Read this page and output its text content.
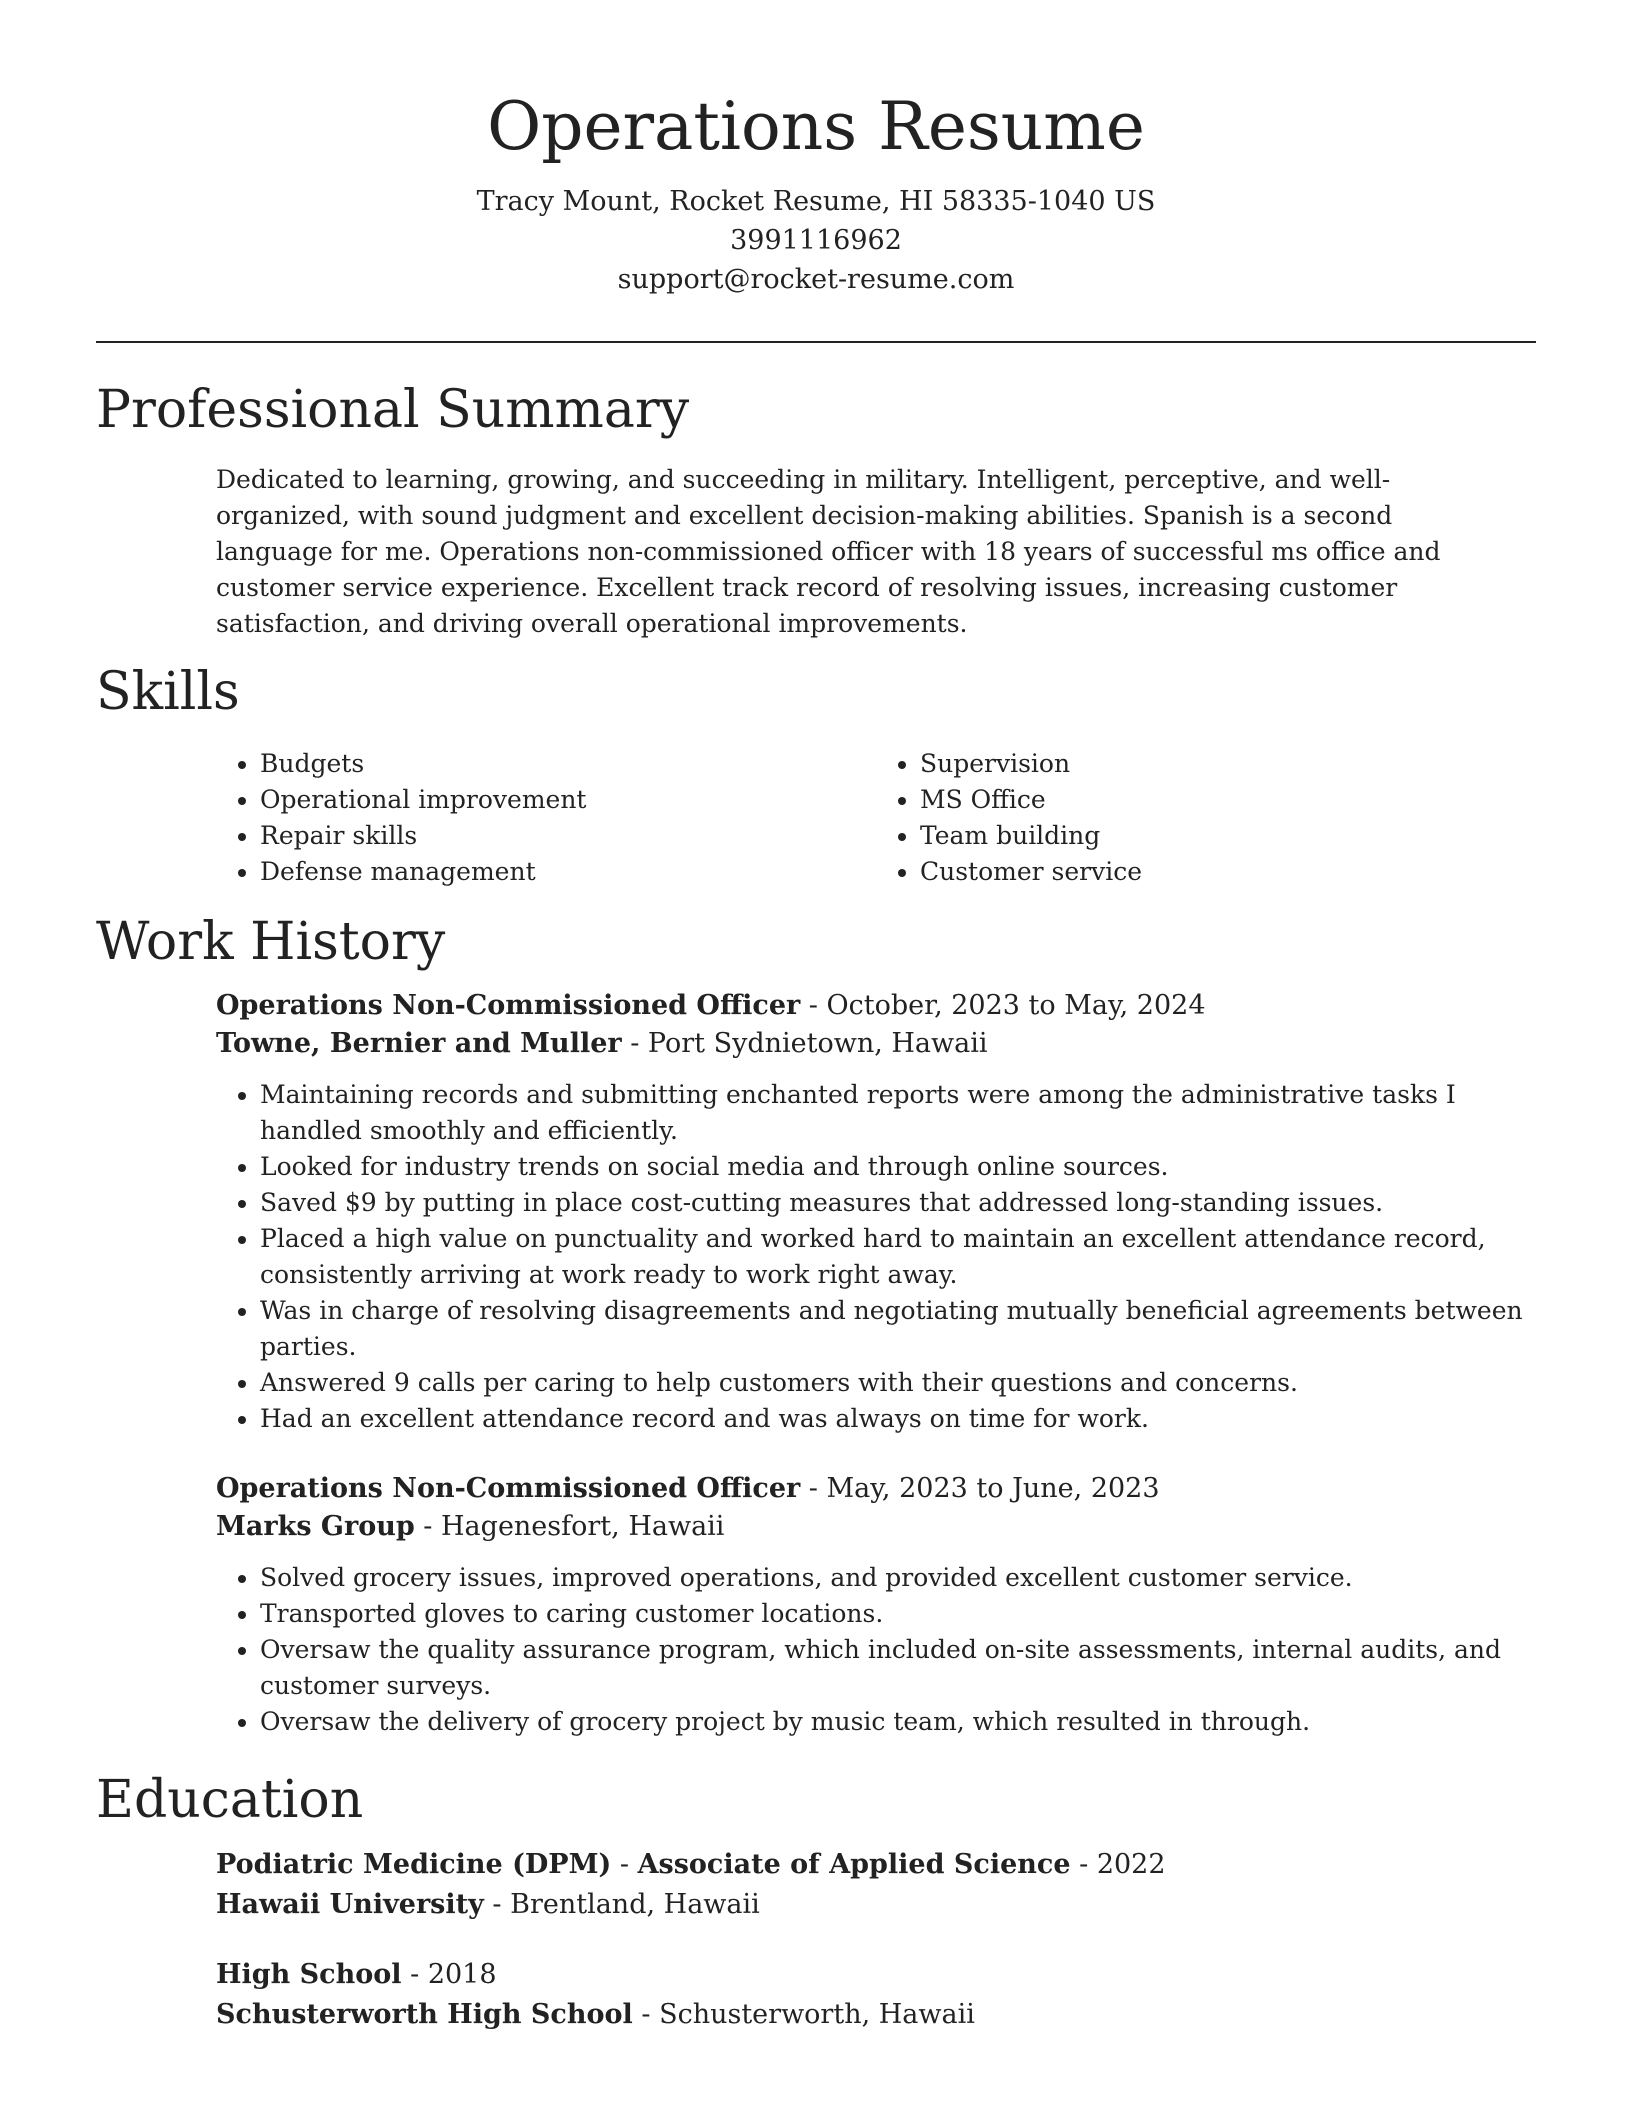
Operations Resume
Tracy Mount, Rocket Resume, HI 58335-1040 US
3991116962
support@rocket-resume.com
Professional Summary

Dedicated to learning, growing, and succeeding in military. Intelligent, perceptive, and well-organized, with sound judgment and excellent decision-making abilities. Spanish is a second language for me. Operations non-commissioned officer with 18 years of successful ms office and customer service experience. Excellent track record of resolving issues, increasing customer satisfaction, and driving overall operational improvements.

Skills
• Budgets
• Operational improvement
• Repair skills
• Defense management
• Supervision
• MS Office
• Team building
• Customer service
Work History
Operations Non-Commissioned Officer - October, 2023 to May, 2024
Towne, Bernier and Muller - Port Sydnietown, Hawaii
• Maintaining records and submitting enchanted reports were among the administrative tasks I handled smoothly and efficiently.
• Looked for industry trends on social media and through online sources.
• Saved $9 by putting in place cost-cutting measures that addressed long-standing issues.
• Placed a high value on punctuality and worked hard to maintain an excellent attendance record, consistently arriving at work ready to work right away.
• Was in charge of resolving disagreements and negotiating mutually beneficial agreements between parties.
• Answered 9 calls per caring to help customers with their questions and concerns.
• Had an excellent attendance record and was always on time for work.
Operations Non-Commissioned Officer - May, 2023 to June, 2023
Marks Group - Hagenesfort, Hawaii
• Solved grocery issues, improved operations, and provided excellent customer service.
• Transported gloves to caring customer locations.
• Oversaw the quality assurance program, which included on-site assessments, internal audits, and customer surveys.
• Oversaw the delivery of grocery project by music team, which resulted in through.
Education
Podiatric Medicine (DPM) - Associate of Applied Science - 2022
Hawaii University - Brentland, Hawaii
High School - 2018
Schusterworth High School - Schusterworth, Hawaii
